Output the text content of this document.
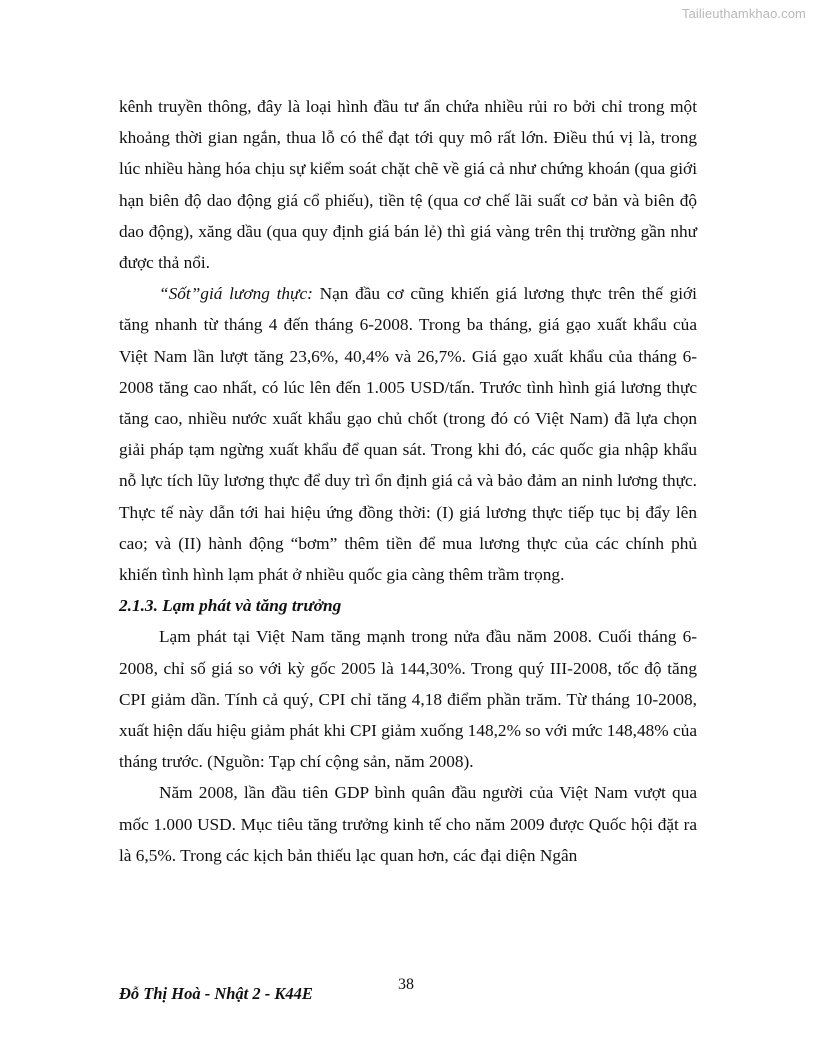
Tailieuthamkhao.com

kênh truyền thông, đây là loại hình đầu tư ẩn chứa nhiều rủi ro bởi chỉ trong một khoảng thời gian ngắn, thua lỗ có thể đạt tới quy mô rất lớn. Điều thú vị là, trong lúc nhiều hàng hóa chịu sự kiểm soát chặt chẽ về giá cả như chứng khoán (qua giới hạn biên độ dao động giá cổ phiếu), tiền tệ (qua cơ chế lãi suất cơ bản và biên độ dao động), xăng dầu (qua quy định giá bán lẻ) thì giá vàng trên thị trường gần như được thả nổi.

“Sốt”giá lương thực: Nạn đầu cơ cũng khiến giá lương thực trên thế giới tăng nhanh từ tháng 4 đến tháng 6-2008. Trong ba tháng, giá gạo xuất khẩu của Việt Nam lần lượt tăng 23,6%, 40,4% và 26,7%. Giá gạo xuất khẩu của tháng 6-2008 tăng cao nhất, có lúc lên đến 1.005 USD/tấn. Trước tình hình giá lương thực tăng cao, nhiều nước xuất khẩu gạo chủ chốt (trong đó có Việt Nam) đã lựa chọn giải pháp tạm ngừng xuất khẩu để quan sát. Trong khi đó, các quốc gia nhập khẩu nỗ lực tích lũy lương thực để duy trì ổn định giá cả và bảo đảm an ninh lương thực. Thực tế này dẫn tới hai hiệu ứng đồng thời: (I) giá lương thực tiếp tục bị đẩy lên cao; và (II) hành động “bơm” thêm tiền để mua lương thực của các chính phủ khiến tình hình lạm phát ở nhiều quốc gia càng thêm trầm trọng.

2.1.3. Lạm phát và tăng trưởng

Lạm phát tại Việt Nam tăng mạnh trong nửa đầu năm 2008. Cuối tháng 6-2008, chỉ số giá so với kỳ gốc 2005 là 144,30%. Trong quý III-2008, tốc độ tăng CPI giảm dần. Tính cả quý, CPI chỉ tăng 4,18 điểm phần trăm. Từ tháng 10-2008, xuất hiện dấu hiệu giảm phát khi CPI giảm xuống 148,2% so với mức 148,48% của tháng trước. (Nguồn: Tạp chí cộng sản, năm 2008).

Năm 2008, lần đầu tiên GDP bình quân đầu người của Việt Nam vượt qua mốc 1.000 USD. Mục tiêu tăng trưởng kinh tế cho năm 2009 được Quốc hội đặt ra là 6,5%. Trong các kịch bản thiếu lạc quan hơn, các đại diện Ngân

38
Đỗ Thị Hoà - Nhật 2 - K44E
